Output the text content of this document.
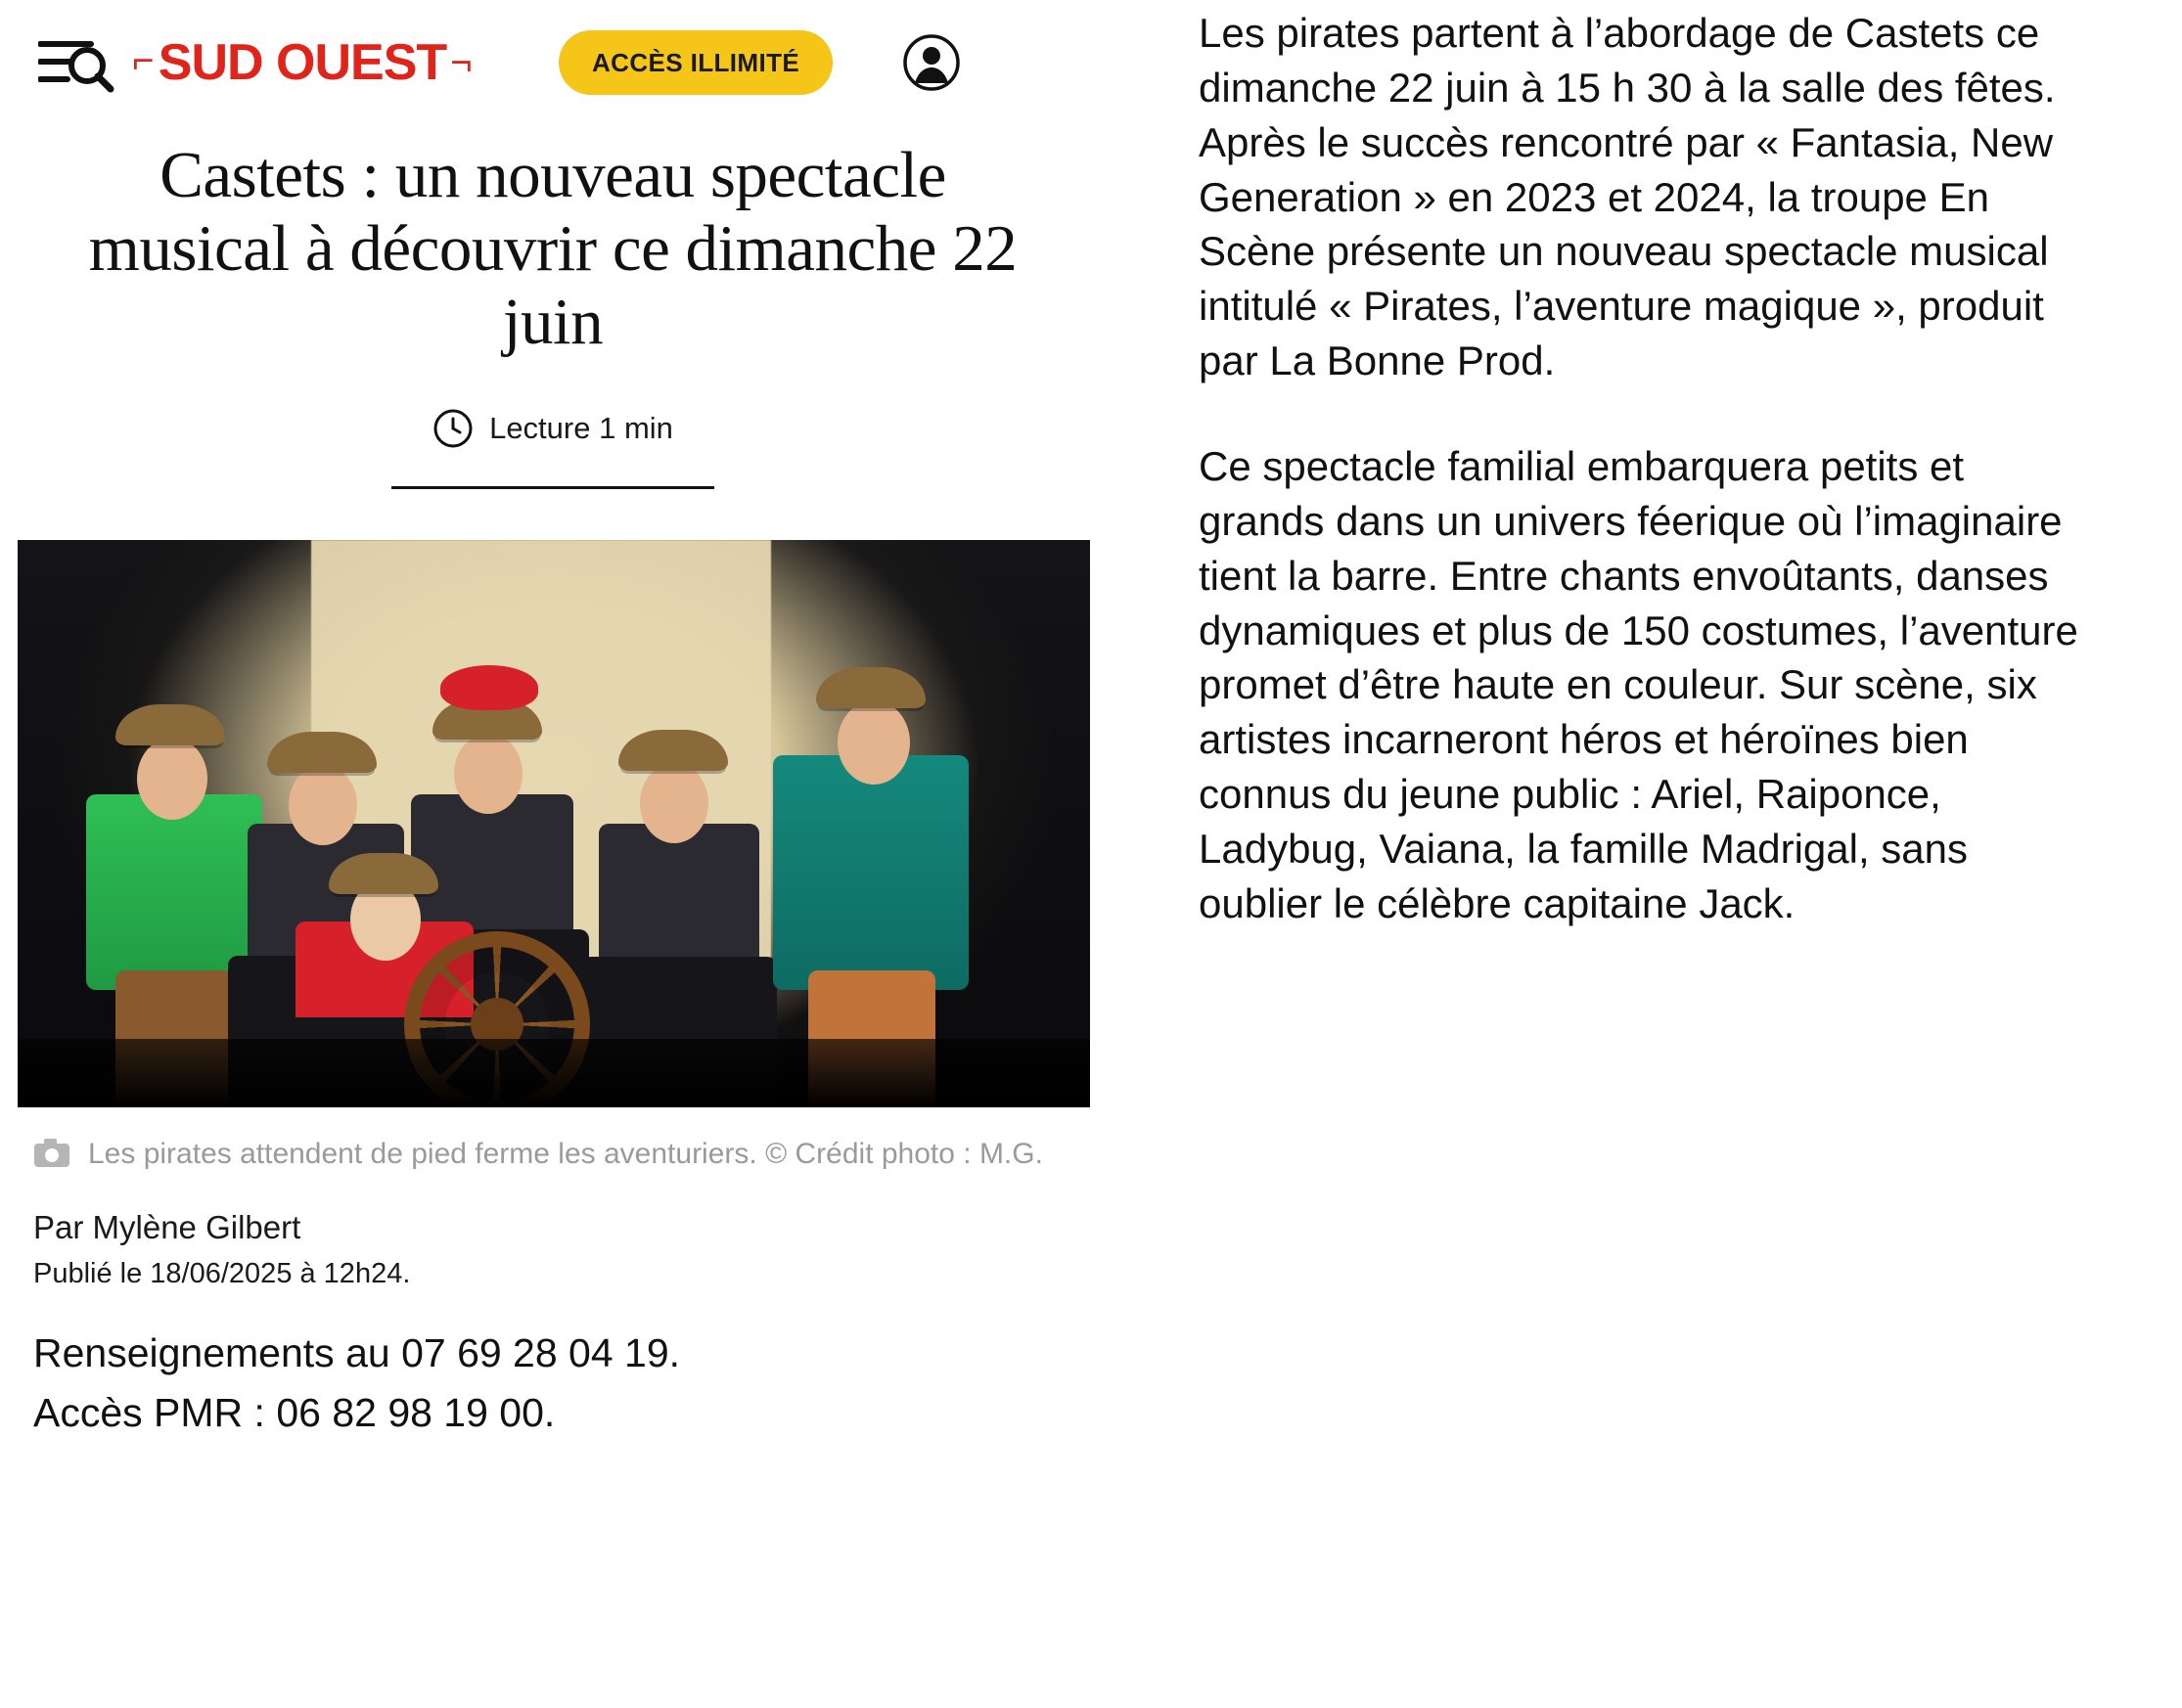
⌐ SUD OUEST ¬	ACCÈS ILLIMITÉ
Castets : un nouveau spectacle musical à découvrir ce dimanche 22 juin
Lecture 1 min
Les pirates attendent de pied ferme les aventuriers. © Crédit photo : M.G.
Par Mylène Gilbert
Publié le 18/06/2025 à 12h24.
Renseignements au 07 69 28 04 19.
Accès PMR : 06 82 98 19 00.

Les pirates partent à l’abordage de Castets ce dimanche 22 juin à 15 h 30 à la salle des fêtes. Après le succès rencontré par « Fantasia, New Generation » en 2023 et 2024, la troupe En Scène présente un nouveau spectacle musical intitulé « Pirates, l’aventure magique », produit par La Bonne Prod.

Ce spectacle familial embarquera petits et grands dans un univers féerique où l’imaginaire tient la barre. Entre chants envoûtants, danses dynamiques et plus de 150 costumes, l’aventure promet d’être haute en couleur. Sur scène, six artistes incarneront héros et héroïnes bien connus du jeune public : Ariel, Raiponce, Ladybug, Vaiana, la famille Madrigal, sans oublier le célèbre capitaine Jack.
